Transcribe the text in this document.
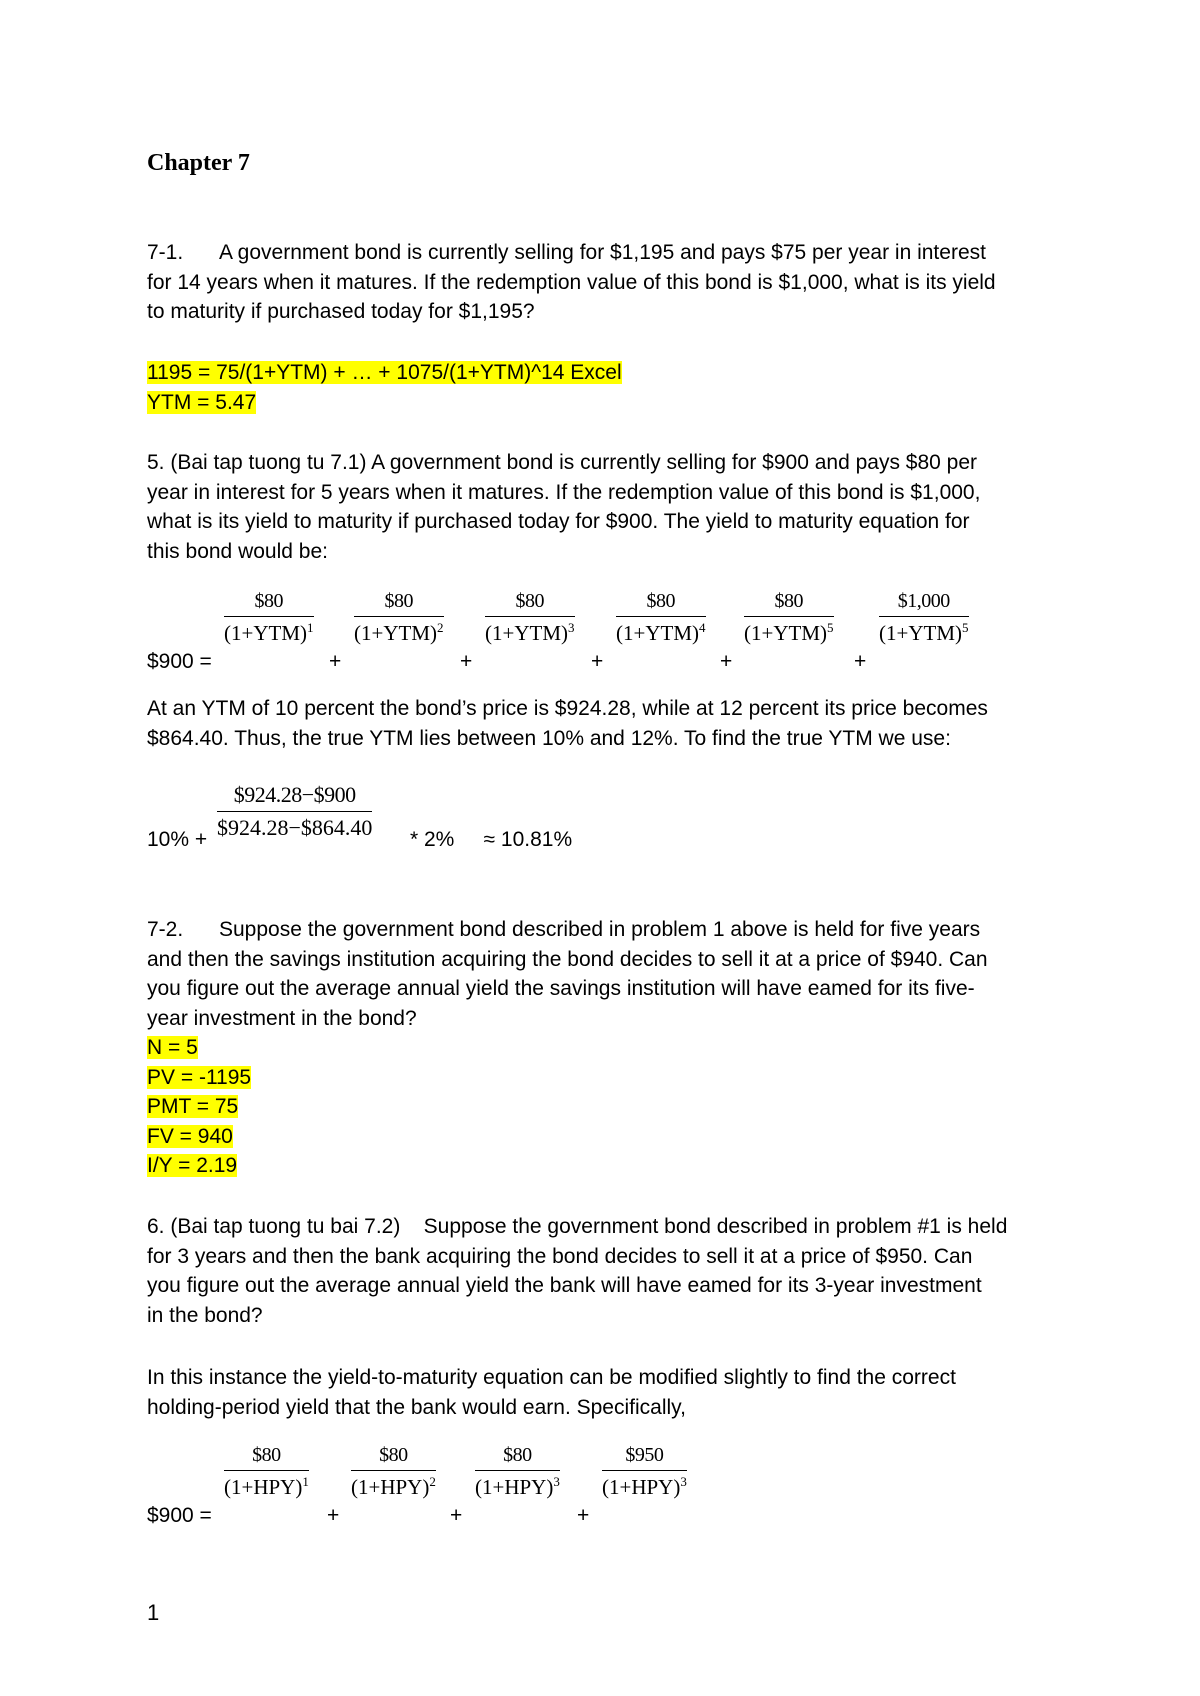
Chapter 7
7-1. A government bond is currently selling for $1,195 and pays $75 per year in interest
for 14 years when it matures. If the redemption value of this bond is $1,000, what is its yield
to maturity if purchased today for $1,195?
1195 = 75/(1+YTM) + … + 1075/(1+YTM)^14 Excel
YTM = 5.47
5. (Bai tap tuong tu 7.1) A government bond is currently selling for $900 and pays $80 per
year in interest for 5 years when it matures. If the redemption value of this bond is $1,000,
what is its yield to maturity if purchased today for $900. The yield to maturity equation for
this bond would be:
$900 =
$80
$(1+YTM)^1$
+
$80
$(1+YTM)^2$
+
$80
$(1+YTM)^3$
+
$80
$(1+YTM)^4$
+
$80
$(1+YTM)^5$
+
$1,000
$(1+YTM)^5$
At an YTM of 10 percent the bond’s price is $924.28, while at 12 percent its price becomes
$864.40. Thus, the true YTM lies between 10% and 12%. To find the true YTM we use:
10% +
$924.28−$900
$924.28−$864.40 * 2%     ≈ 10.81%
7-2. Suppose the government bond described in problem 1 above is held for five years
and then the savings institution acquiring the bond decides to sell it at a price of $940. Can
you figure out the average annual yield the savings institution will have eamed for its five-
year investment in the bond?
N = 5
PV = -1195
PMT = 75
FV = 940
I/Y = 2.19
6. (Bai tap tuong tu bai 7.2)    Suppose the government bond described in problem #1 is held
for 3 years and then the bank acquiring the bond decides to sell it at a price of $950. Can
you figure out the average annual yield the bank will have eamed for its 3-year investment
in the bond?
In this instance the yield-to-maturity equation can be modified slightly to find the correct
holding-period yield that the bank would earn. Specifically,
$900 =
$80
$(1+HPY)^1$
+
$80
$(1+HPY)^2$
+
$80
$(1+HPY)^3$
+
$950
$(1+HPY)^3$
1
